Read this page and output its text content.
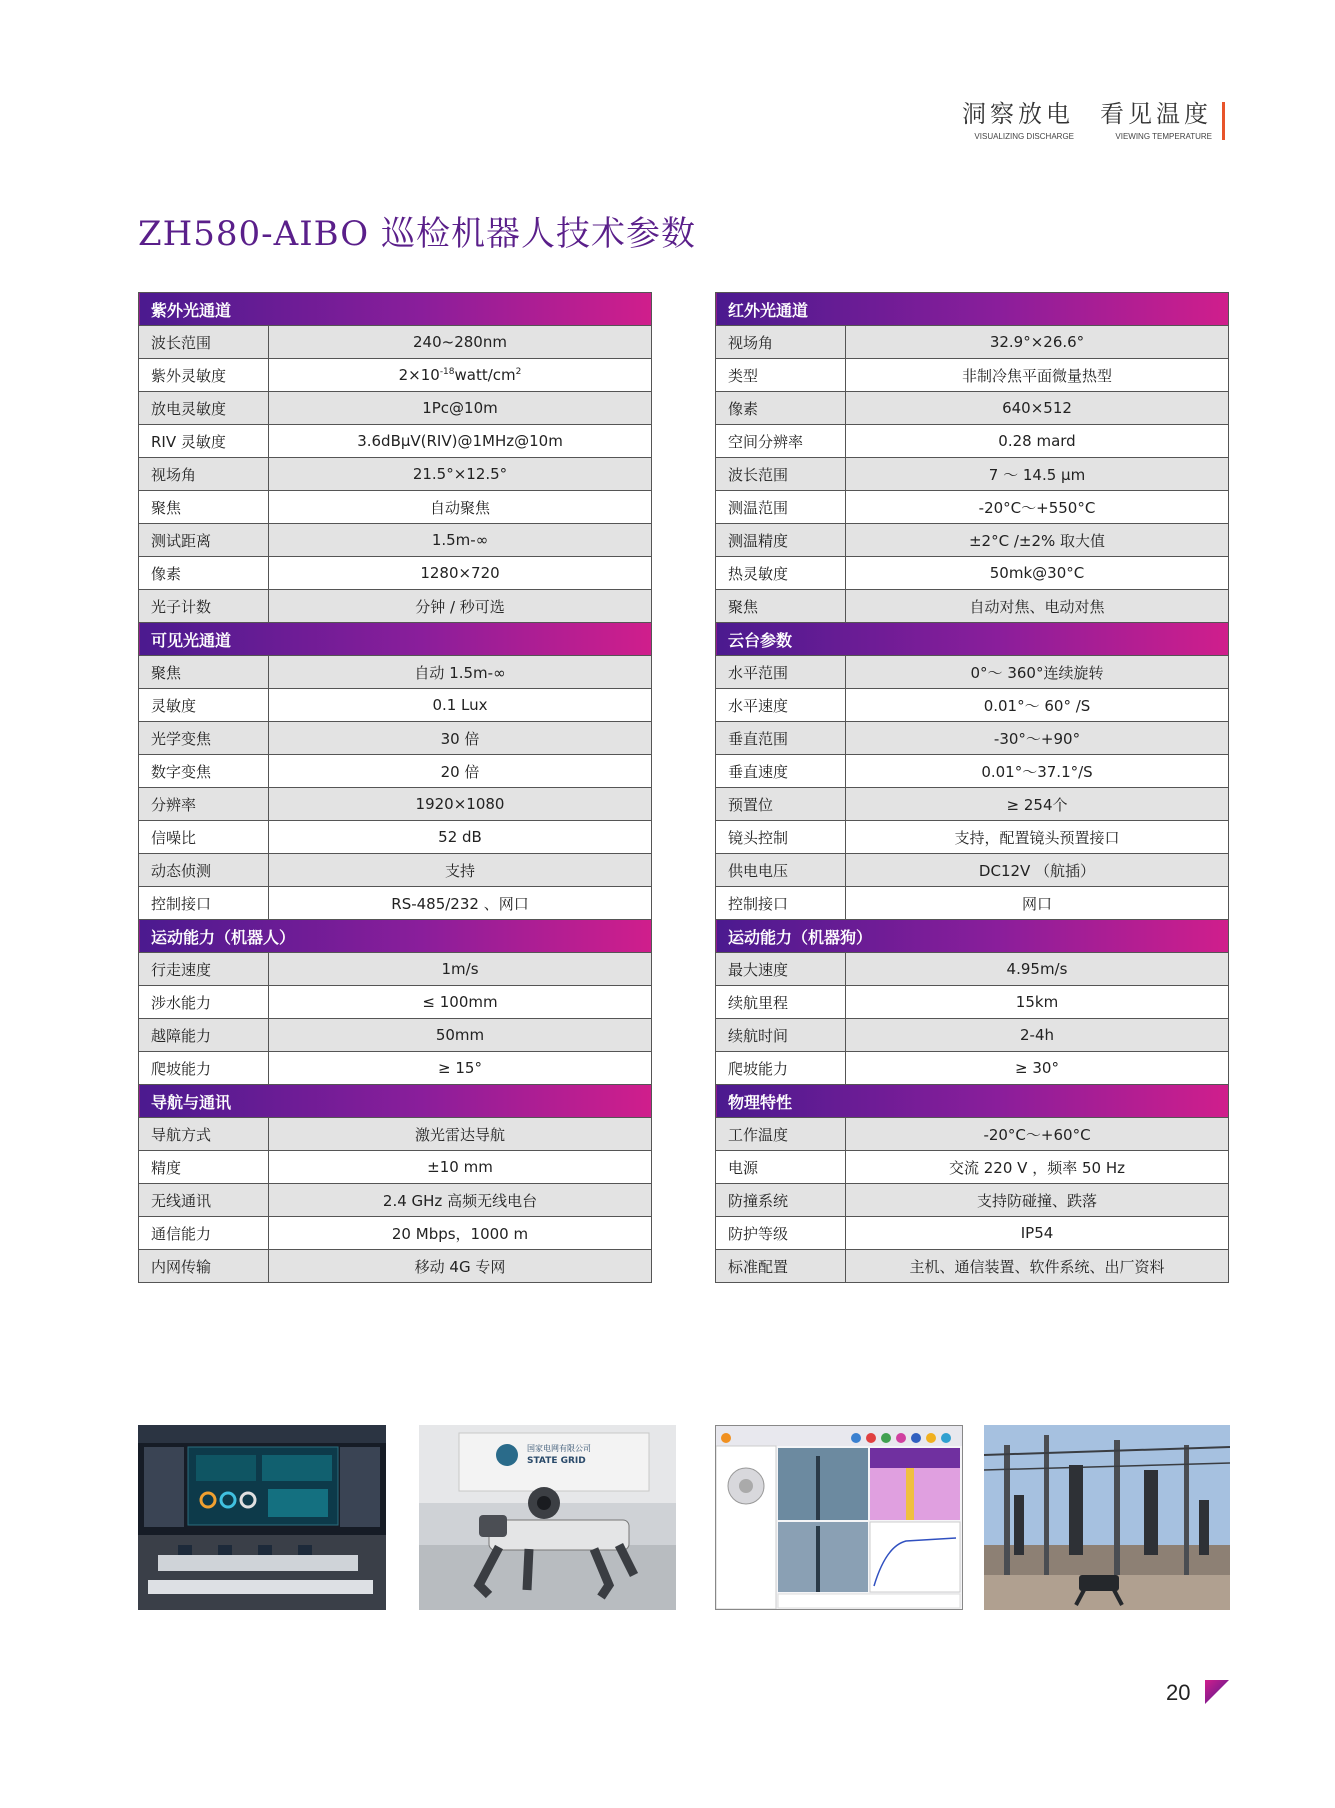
洞察放电
VISUALIZING DISCHARGE
看见温度
VIEWING TEMPERATURE
ZH580-AIBO 巡检机器人技术参数
紫外光通道	
波长范围	240~280nm
紫外灵敏度	$2\times 10^{-18}watt/cm^2$
放电灵敏度	1Pc@10m
RIV 灵敏度	3.6dBμV(RIV)@1MHz@10m
视场角	21.5°×12.5°
聚焦	自动聚焦
测试距离	1.5m-∞
像素	1280×720
光子计数	分钟 / 秒可选
可见光通道	
聚焦	自动 1.5m-∞
灵敏度	0.1 Lux
光学变焦	30 倍
数字变焦	20 倍
分辨率	1920×1080
信噪比	52 dB
动态侦测	支持
控制接口	RS-485/232 、网口
运动能力（机器人）	
行走速度	1m/s
涉水能力	≤ 100mm
越障能力	50mm
爬坡能力	≥ 15°
导航与通讯	
导航方式	激光雷达导航
精度	±10 mm
无线通讯	2.4 GHz 高频无线电台
通信能力	20 Mbps，1000 m
内网传输	移动 4G 专网
红外光通道	
视场角	32.9°×26.6°
类型	非制冷焦平面微量热型
像素	640×512
空间分辨率	0.28 mard
波长范围	7 ～ 14.5 μm
测温范围	-20°C～+550°C
测温精度	±2°C /±2% 取大值
热灵敏度	50mk@30°C
聚焦	自动对焦、电动对焦
云台参数	
水平范围	0°～ 360°连续旋转
水平速度	0.01°～ 60° /S
垂直范围	-30°～+90°
垂直速度	0.01°～37.1°/S
预置位	≥ 254个
镜头控制	支持，配置镜头预置接口
供电电压	DC12V （航插）
控制接口	网口
运动能力（机器狗）	
最大速度	4.95m/s
续航里程	15km
续航时间	2-4h
爬坡能力	≥ 30°
物理特性	
工作温度	-20°C～+60°C
电源	交流 220 V ，频率 50 Hz
防撞系统	支持防碰撞、跌落
防护等级	IP54
标准配置	主机、通信装置、软件系统、出厂资料
国家电网有限公司
STATE GRID
20
